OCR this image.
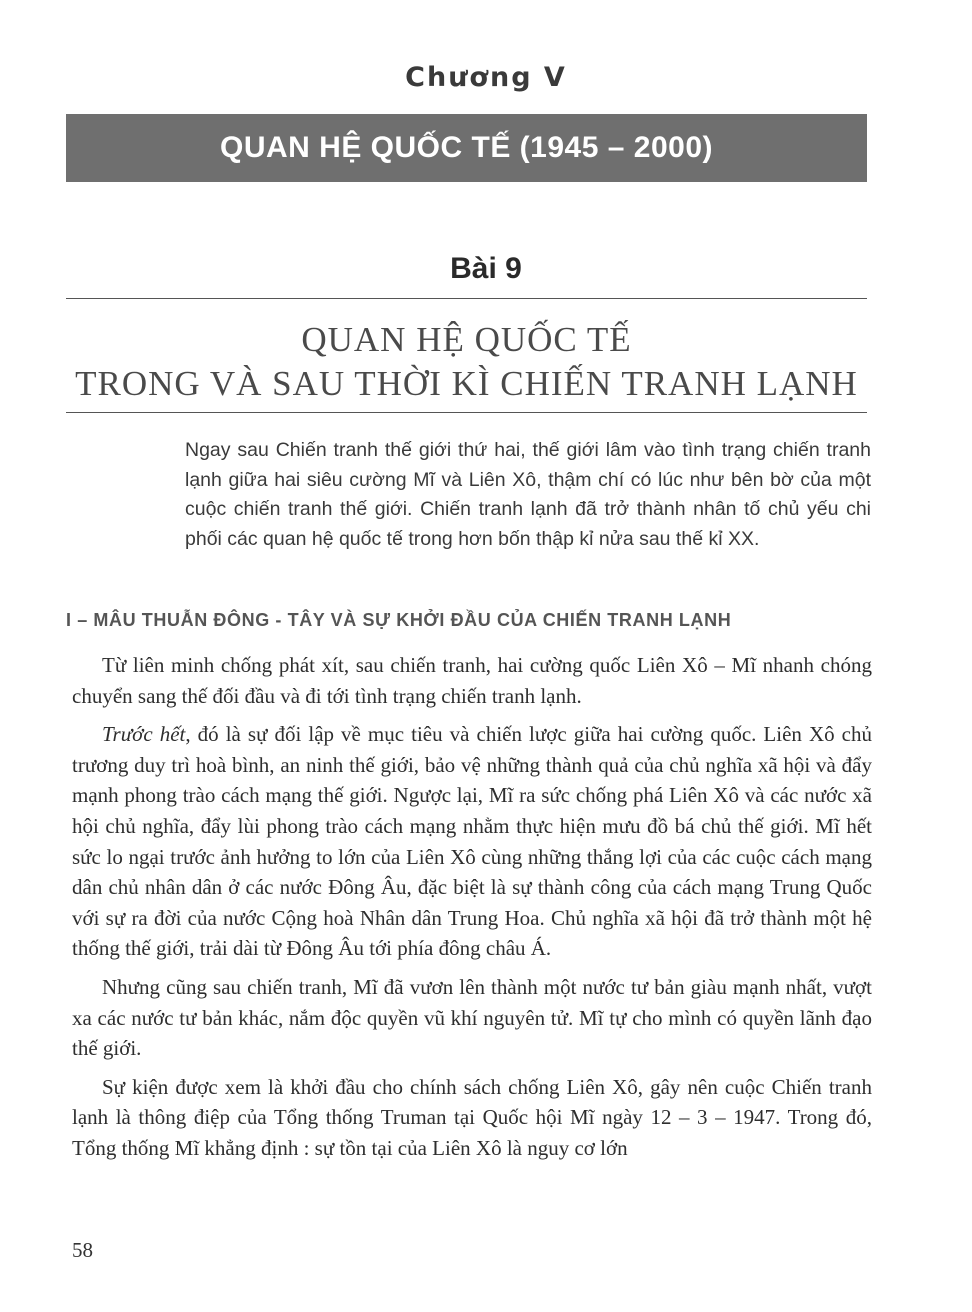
Chương V
QUAN HỆ QUỐC TẾ (1945 – 2000)
Bài 9
QUAN HỆ QUỐC TẾ
TRONG VÀ SAU THỜI KÌ CHIẾN TRANH LẠNH
Ngay sau Chiến tranh thế giới thứ hai, thế giới lâm vào tình trạng chiến tranh lạnh giữa hai siêu cường Mĩ và Liên Xô, thậm chí có lúc như bên bờ của một cuộc chiến tranh thế giới. Chiến tranh lạnh đã trở thành nhân tố chủ yếu chi phối các quan hệ quốc tế trong hơn bốn thập kỉ nửa sau thế kỉ XX.
I – MÂU THUẪN ĐÔNG - TÂY VÀ SỰ KHỞI ĐẦU CỦA CHIẾN TRANH LẠNH

Từ liên minh chống phát xít, sau chiến tranh, hai cường quốc Liên Xô – Mĩ nhanh chóng chuyển sang thế đối đầu và đi tới tình trạng chiến tranh lạnh.

Trước hết, đó là sự đối lập về mục tiêu và chiến lược giữa hai cường quốc. Liên Xô chủ trương duy trì hoà bình, an ninh thế giới, bảo vệ những thành quả của chủ nghĩa xã hội và đẩy mạnh phong trào cách mạng thế giới. Ngược lại, Mĩ ra sức chống phá Liên Xô và các nước xã hội chủ nghĩa, đẩy lùi phong trào cách mạng nhằm thực hiện mưu đồ bá chủ thế giới. Mĩ hết sức lo ngại trước ảnh hưởng to lớn của Liên Xô cùng những thắng lợi của các cuộc cách mạng dân chủ nhân dân ở các nước Đông Âu, đặc biệt là sự thành công của cách mạng Trung Quốc với sự ra đời của nước Cộng hoà Nhân dân Trung Hoa. Chủ nghĩa xã hội đã trở thành một hệ thống thế giới, trải dài từ Đông Âu tới phía đông châu Á.

Nhưng cũng sau chiến tranh, Mĩ đã vươn lên thành một nước tư bản giàu mạnh nhất, vượt xa các nước tư bản khác, nắm độc quyền vũ khí nguyên tử. Mĩ tự cho mình có quyền lãnh đạo thế giới.

Sự kiện được xem là khởi đầu cho chính sách chống Liên Xô, gây nên cuộc Chiến tranh lạnh là thông điệp của Tổng thống Truman tại Quốc hội Mĩ ngày 12 – 3 – 1947. Trong đó, Tổng thống Mĩ khẳng định : sự tồn tại của Liên Xô là nguy cơ lớn

58
